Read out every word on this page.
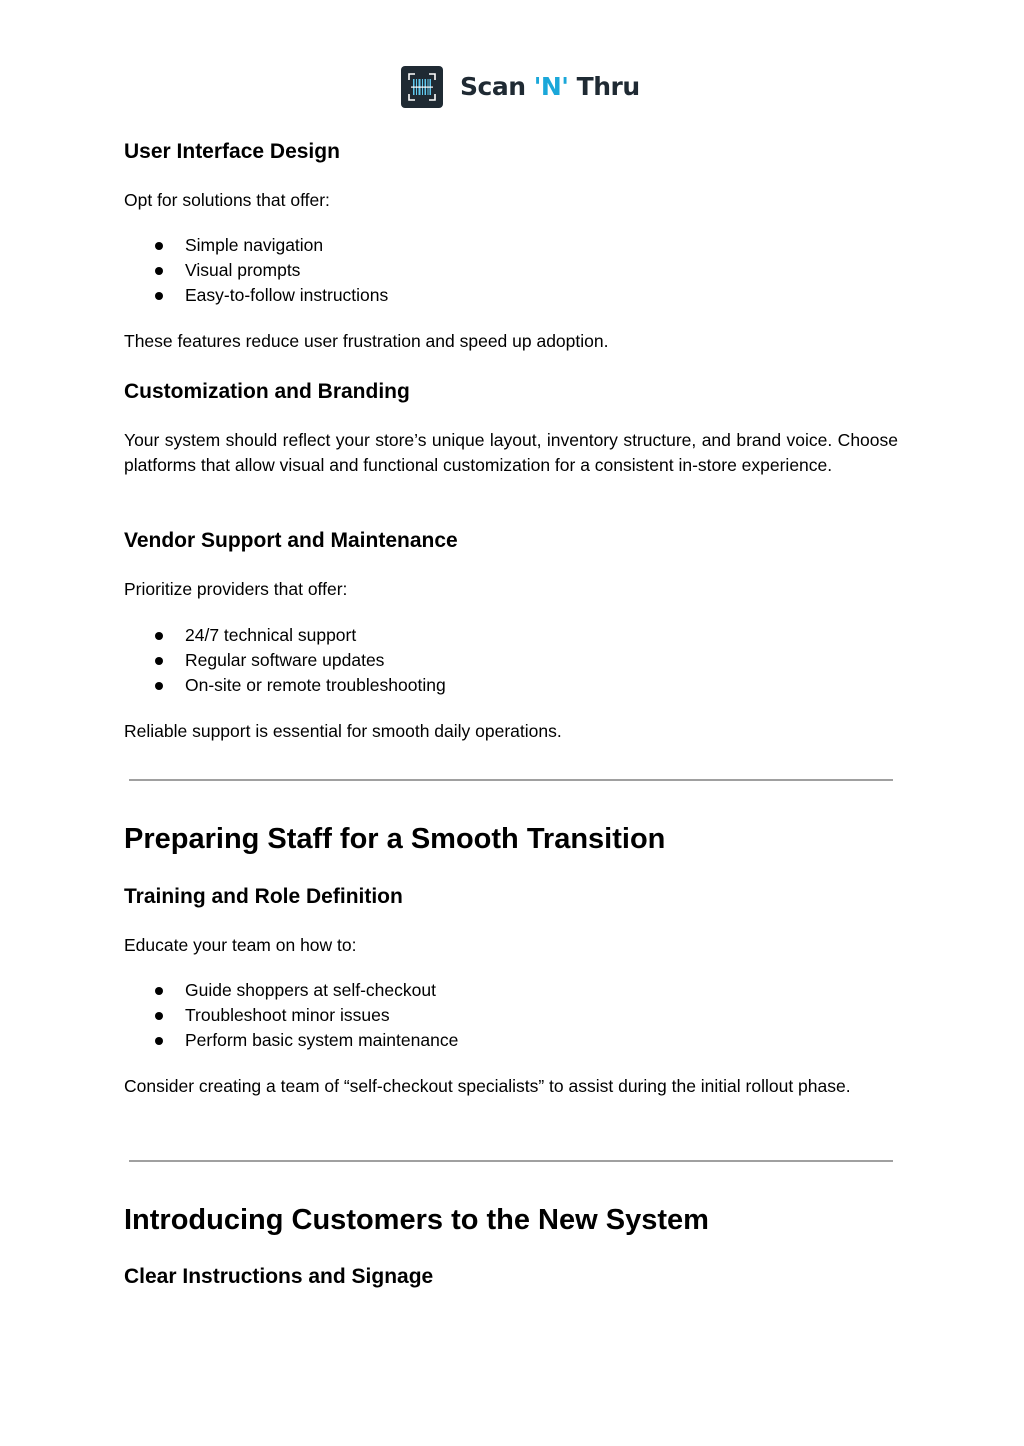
Scan 'N' Thru
User Interface Design

Opt for solutions that offer:

Simple navigation
Visual prompts
Easy-to-follow instructions

These features reduce user frustration and speed up adoption.

Customization and Branding

Your system should reflect your store’s unique layout, inventory structure, and brand voice. Choose platforms that allow visual and functional customization for a consistent in-store experience.

Vendor Support and Maintenance

Prioritize providers that offer:

24/7 technical support
Regular software updates
On-site or remote troubleshooting

Reliable support is essential for smooth daily operations.

Preparing Staff for a Smooth Transition
Training and Role Definition

Educate your team on how to:

Guide shoppers at self-checkout
Troubleshoot minor issues
Perform basic system maintenance

Consider creating a team of “self-checkout specialists” to assist during the initial rollout phase.

Introducing Customers to the New System
Clear Instructions and Signage
